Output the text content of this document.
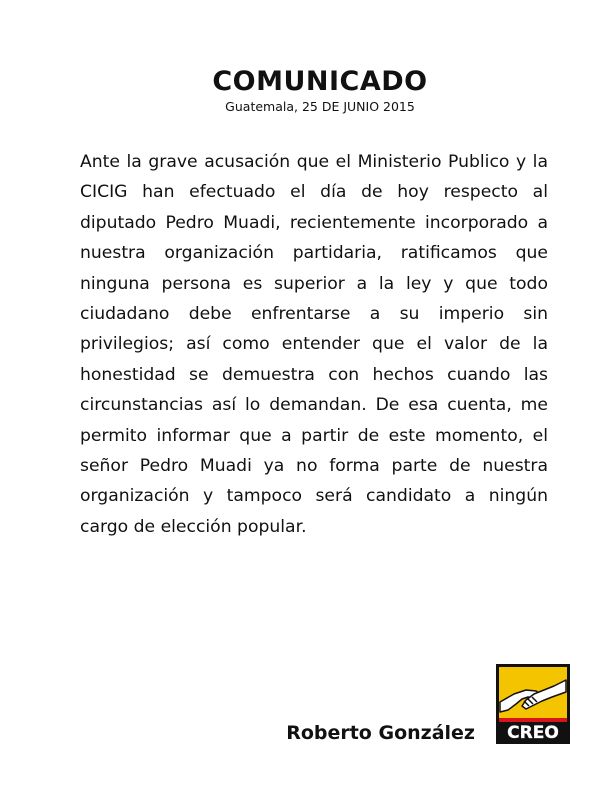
COMUNICADO
Guatemala, 25 DE JUNIO 2015

Ante la grave acusación que el Ministerio Publico y la CICIG han efectuado el día de hoy respecto al diputado Pedro Muadi, recientemente incorporado a nuestra organización partidaria, ratificamos que ninguna persona es superior a la ley y que todo ciudadano debe enfrentarse a su imperio sin privilegios; así como entender que el valor de la honestidad se demuestra con hechos cuando las circunstancias así lo demandan. De esa cuenta, me permito informar que a partir de este momento, el señor Pedro Muadi ya no forma parte de nuestra organización y tampoco será candidato a ningún cargo de elección popular.

Roberto González CREO
